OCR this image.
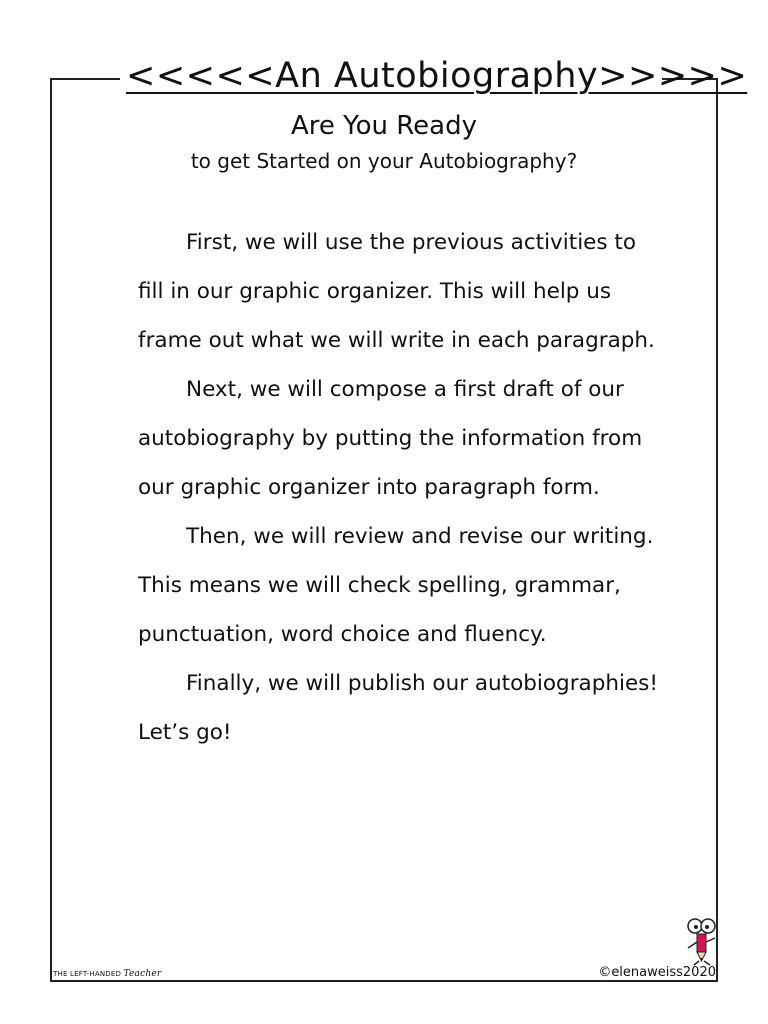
<<<<<An Autobiography>>>>>
Are You Ready
to get Started on your Autobiography?

First, we will use the previous activities to fill in our graphic organizer. This will help us frame out what we will write in each paragraph.

Next, we will compose a first draft of our autobiography by putting the information from our graphic organizer into paragraph form.

Then, we will review and revise our writing. This means we will check spelling, grammar, punctuation, word choice and fluency.

Finally, we will publish our autobiographies! Let’s go!

THE LEFT-HANDED Teacher	©elenaweiss2020
